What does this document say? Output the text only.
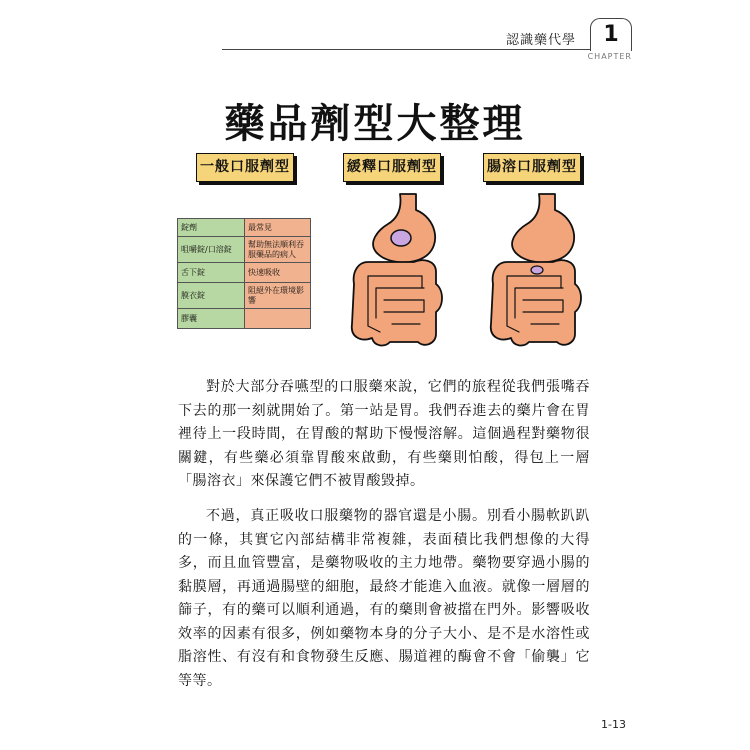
認識藥代學	1
CHAPTER
藥品劑型大整理
一般口服劑型	緩釋口服劑型	腸溶口服劑型
錠劑	最常見
咀嚼錠/口溶錠	幫助無法順利吞服藥品的病人
舌下錠	快速吸收
膜衣錠	阻絕外在環境影響
膠囊	

對於大部分吞嚥型的口服藥來說，它們的旅程從我們張嘴吞下去的那一刻就開始了。第一站是胃。我們吞進去的藥片會在胃裡待上一段時間，在胃酸的幫助下慢慢溶解。這個過程對藥物很關鍵，有些藥必須靠胃酸來啟動，有些藥則怕酸，得包上一層「腸溶衣」來保護它們不被胃酸毀掉。

不過，真正吸收口服藥物的器官還是小腸。別看小腸軟趴趴的一條，其實它內部結構非常複雜，表面積比我們想像的大得多，而且血管豐富，是藥物吸收的主力地帶。藥物要穿過小腸的黏膜層，再通過腸壁的細胞，最終才能進入血液。就像一層層的篩子，有的藥可以順利通過，有的藥則會被擋在門外。影響吸收效率的因素有很多，例如藥物本身的分子大小、是不是水溶性或脂溶性、有沒有和食物發生反應、腸道裡的酶會不會「偷襲」它等等。

1-13
